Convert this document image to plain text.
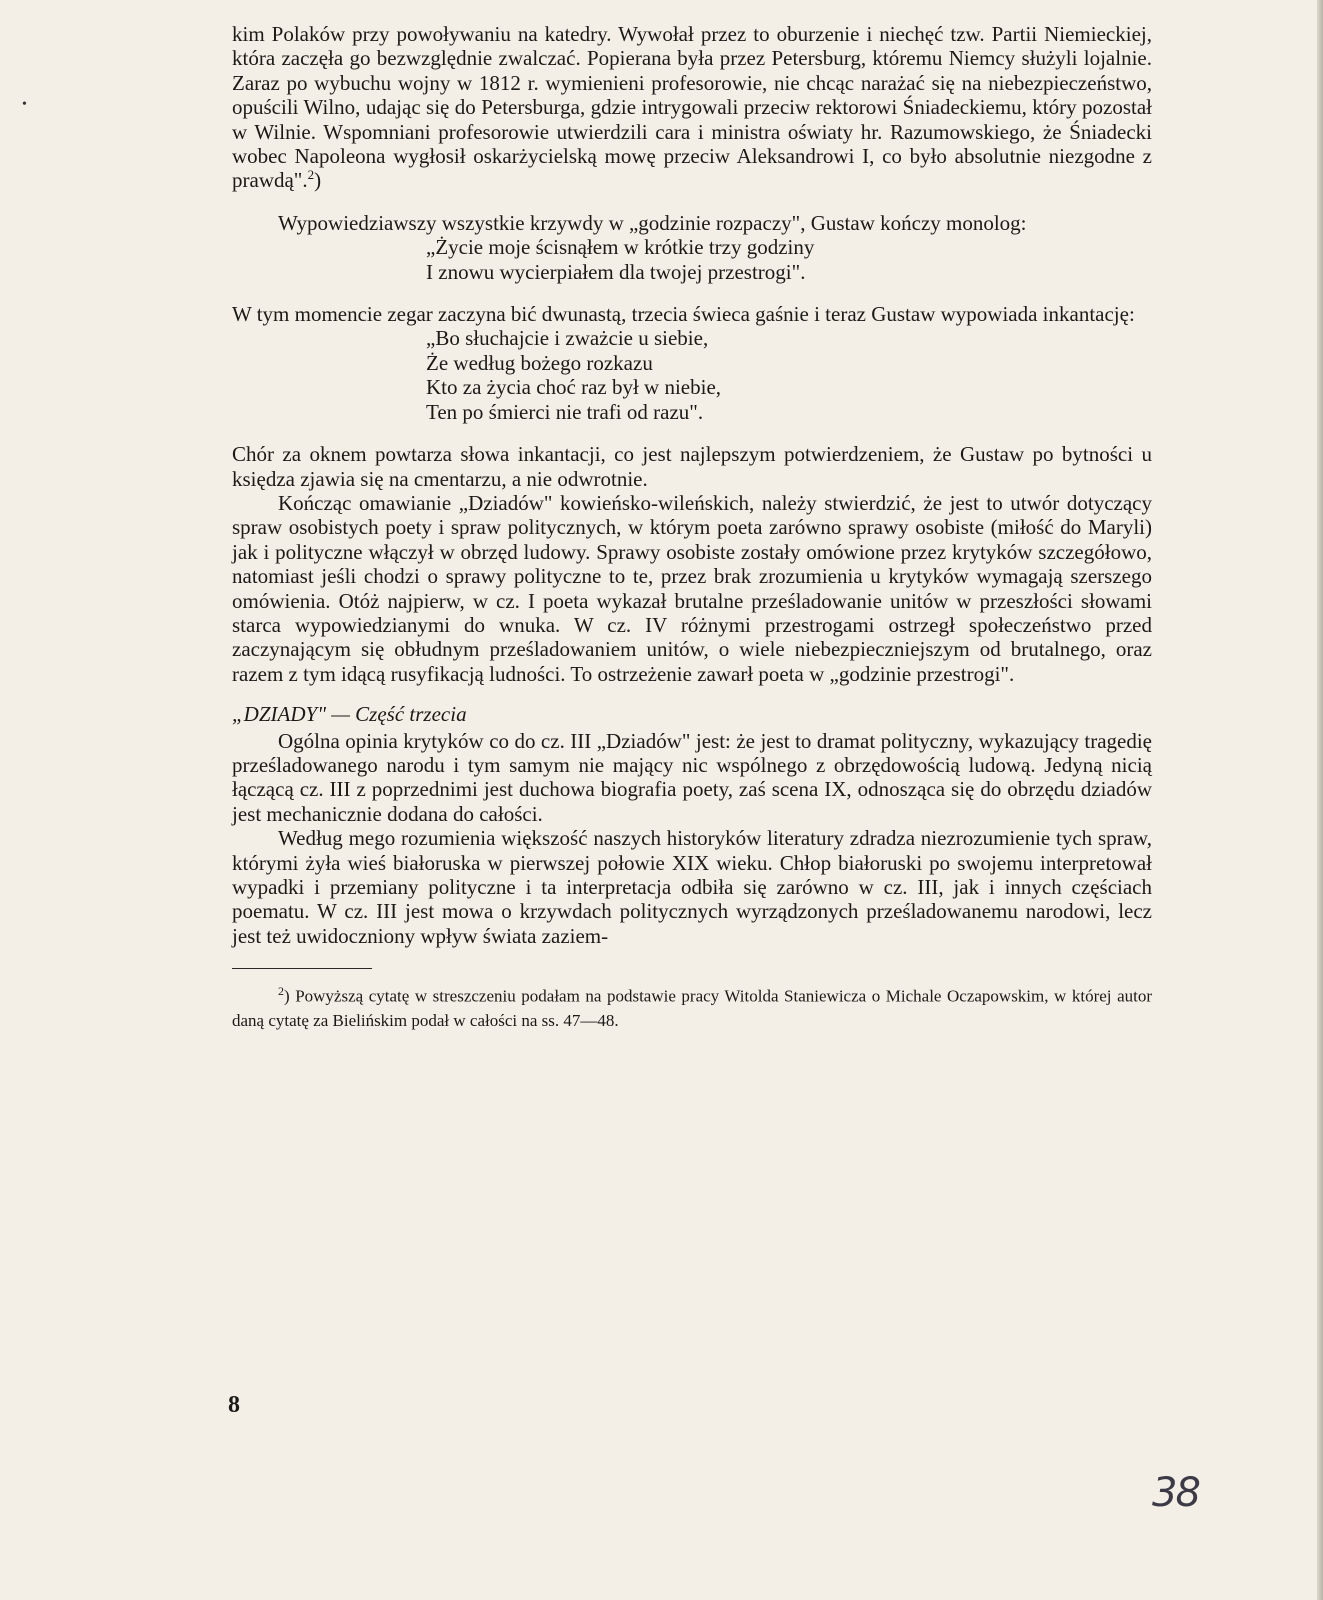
•

kim Polaków przy powoływaniu na katedry. Wywołał przez to oburzenie i niechęć tzw. Partii Niemieckiej, która zaczęła go bezwzględnie zwalczać. Popierana była przez Petersburg, któremu Niemcy służyli lojalnie. Zaraz po wybuchu wojny w 1812 r. wymienieni profesorowie, nie chcąc narażać się na niebezpieczeństwo, opuścili Wilno, udając się do Petersburga, gdzie intrygowali przeciw rektorowi Śniadeckiemu, który pozostał w Wilnie. Wspomniani profesorowie utwierdzili cara i ministra oświaty hr. Razumowskiego, że Śniadecki wobec Napoleona wygłosił oskarżycielską mowę przeciw Aleksandrowi I, co było absolutnie niezgodne z prawdą".$^2$)

Wypowiedziawszy wszystkie krzywdy w „godzinie rozpaczy", Gustaw kończy monolog:

„Życie moje ścisnąłem w krótkie trzy godziny
I znowu wycierpiałem dla twojej przestrogi".

W tym momencie zegar zaczyna bić dwunastą, trzecia świeca gaśnie i teraz Gustaw wypowiada inkantację:

„Bo słuchajcie i zważcie u siebie,
Że według bożego rozkazu
Kto za życia choć raz był w niebie,
Ten po śmierci nie trafi od razu".

Chór za oknem powtarza słowa inkantacji, co jest najlepszym potwierdzeniem, że Gustaw po bytności u księdza zjawia się na cmentarzu, a nie odwrotnie.

Kończąc omawianie „Dziadów" kowieńsko-wileńskich, należy stwierdzić, że jest to utwór dotyczący spraw osobistych poety i spraw politycznych, w którym poeta zarówno sprawy osobiste (miłość do Maryli) jak i polityczne włączył w obrzęd ludowy. Sprawy osobiste zostały omówione przez krytyków szczegółowo, natomiast jeśli chodzi o sprawy polityczne to te, przez brak zrozumienia u krytyków wymagają szerszego omówienia. Otóż najpierw, w cz. I poeta wykazał brutalne prześladowanie unitów w przeszłości słowami starca wypowiedzianymi do wnuka. W cz. IV różnymi przestrogami ostrzegł społeczeństwo przed zaczynającym się obłudnym prześladowaniem unitów, o wiele niebezpieczniejszym od brutalnego, oraz razem z tym idącą rusyfikacją ludności. To ostrzeżenie zawarł poeta w „godzinie przestrogi".

„DZIADY" — Część trzecia

Ogólna opinia krytyków co do cz. III „Dziadów" jest: że jest to dramat polityczny, wykazujący tragedię prześladowanego narodu i tym samym nie mający nic wspólnego z obrzędowością ludową. Jedyną nicią łączącą cz. III z poprzednimi jest duchowa biografia poety, zaś scena IX, odnosząca się do obrzędu dziadów jest mechanicznie dodana do całości.

Według mego rozumienia większość naszych historyków literatury zdradza niezrozumienie tych spraw, którymi żyła wieś białoruska w pierwszej połowie XIX wieku. Chłop białoruski po swojemu interpretował wypadki i przemiany polityczne i ta interpretacja odbiła się zarówno w cz. III, jak i innych częściach poematu. W cz. III jest mowa o krzywdach politycznych wyrządzonych prześladowanemu narodowi, lecz jest też uwidoczniony wpływ świata zaziem-

$^2$) Powyższą cytatę w streszczeniu podałam na podstawie pracy Witolda Staniewicza o Michale Oczapowskim, w której autor daną cytatę za Bielińskim podał w całości na ss. 47—48.

8
38
